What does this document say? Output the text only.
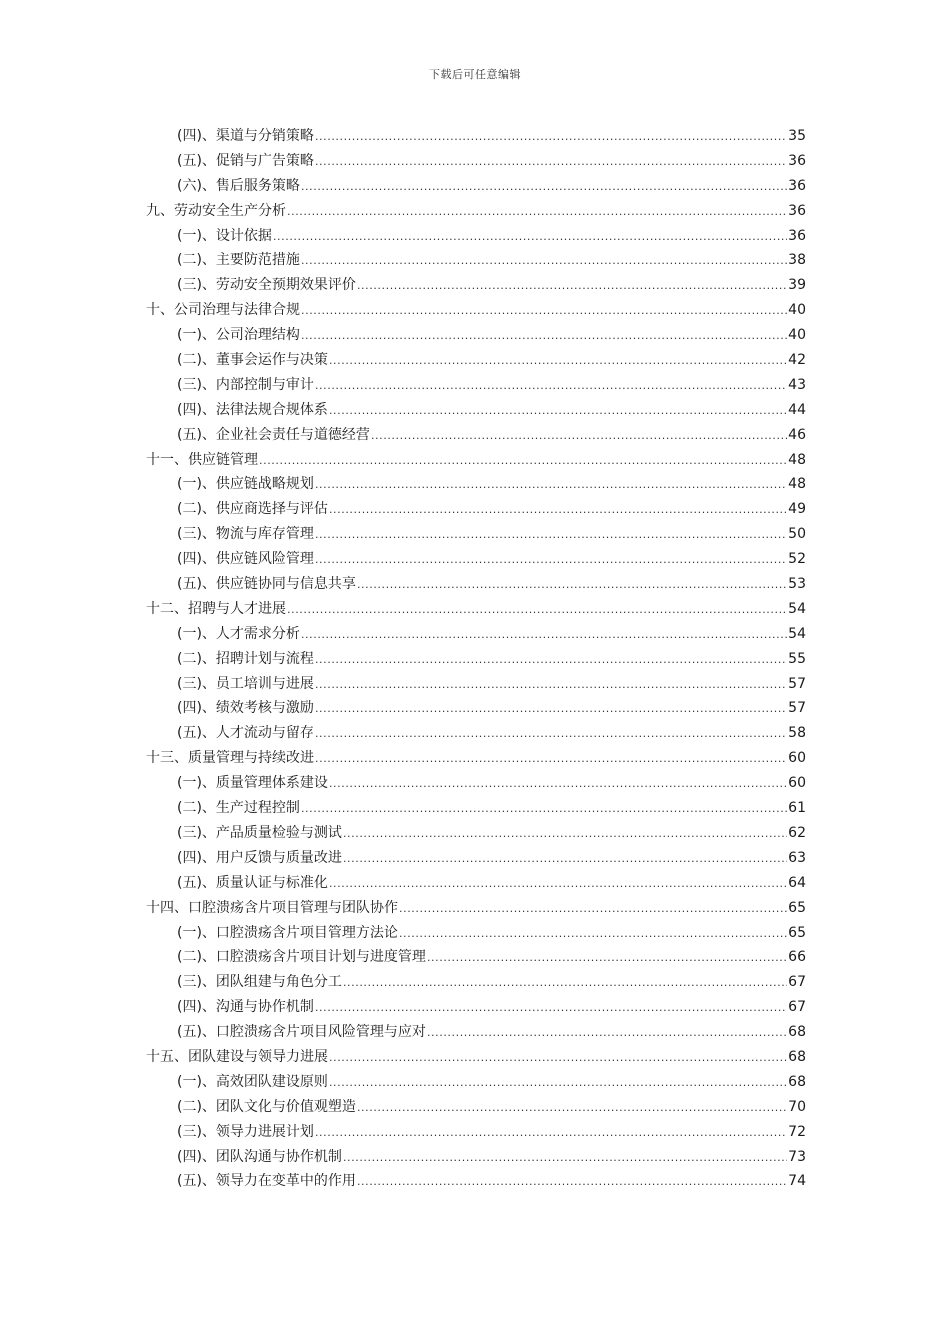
下载后可任意编辑
(四)、渠道与分销策略 .....	35
(五)、促销与广告策略 .....	36
(六)、售后服务策略 .....	36
九、劳动安全生产分析 .....	36
(一)、设计依据 .....	36
(二)、主要防范措施 .....	38
(三)、劳动安全预期效果评价 .....	39
十、公司治理与法律合规 .....	40
(一)、公司治理结构 .....	40
(二)、董事会运作与决策 .....	42
(三)、内部控制与审计 .....	43
(四)、法律法规合规体系 .....	44
(五)、企业社会责任与道德经营 .....	46
十一、供应链管理 .....	48
(一)、供应链战略规划 .....	48
(二)、供应商选择与评估 .....	49
(三)、物流与库存管理 .....	50
(四)、供应链风险管理 .....	52
(五)、供应链协同与信息共享 .....	53
十二、招聘与人才进展 .....	54
(一)、人才需求分析 .....	54
(二)、招聘计划与流程 .....	55
(三)、员工培训与进展 .....	57
(四)、绩效考核与激励 .....	57
(五)、人才流动与留存 .....	58
十三、质量管理与持续改进 .....	60
(一)、质量管理体系建设 .....	60
(二)、生产过程控制 .....	61
(三)、产品质量检验与测试 .....	62
(四)、用户反馈与质量改进 .....	63
(五)、质量认证与标准化 .....	64
十四、口腔溃疡含片项目管理与团队协作 .....	65
(一)、口腔溃疡含片项目管理方法论 .....	65
(二)、口腔溃疡含片项目计划与进度管理 .....	66
(三)、团队组建与角色分工 .....	67
(四)、沟通与协作机制 .....	67
(五)、口腔溃疡含片项目风险管理与应对 .....	68
十五、团队建设与领导力进展 .....	68
(一)、高效团队建设原则 .....	68
(二)、团队文化与价值观塑造 .....	70
(三)、领导力进展计划 .....	72
(四)、团队沟通与协作机制 .....	73
(五)、领导力在变革中的作用 .....	74
